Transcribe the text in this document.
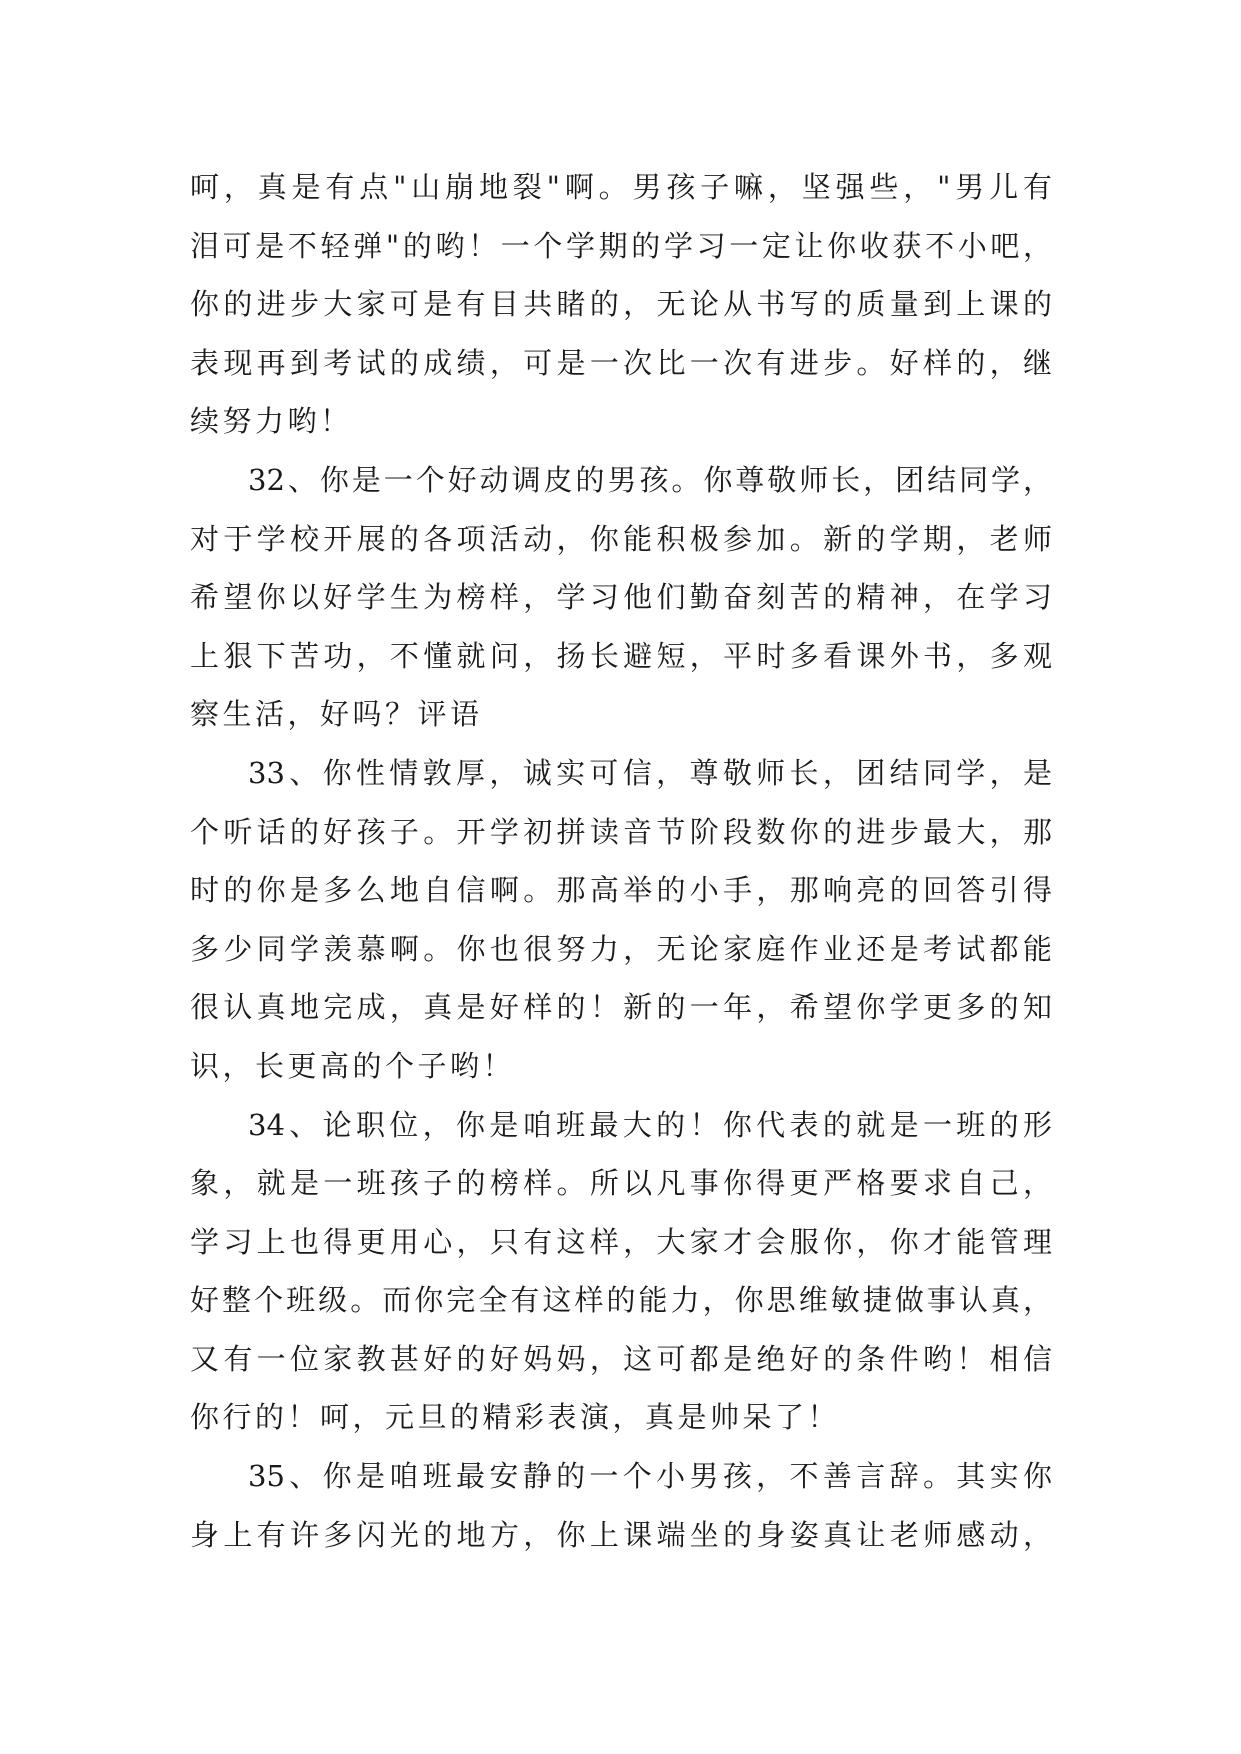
呵，真是有点"山崩地裂"啊。男孩子嘛，坚强些，"男儿有
泪可是不轻弹"的哟！一个学期的学习一定让你收获不小吧，
你的进步大家可是有目共睹的，无论从书写的质量到上课的
表现再到考试的成绩，可是一次比一次有进步。好样的，继
续努力哟！
32、你是一个好动调皮的男孩。你尊敬师长，团结同学，
对于学校开展的各项活动，你能积极参加。新的学期，老师
希望你以好学生为榜样，学习他们勤奋刻苦的精神，在学习
上狠下苦功，不懂就问，扬长避短，平时多看课外书，多观
察生活，好吗？评语
33、你性情敦厚，诚实可信，尊敬师长，团结同学，是
个听话的好孩子。开学初拼读音节阶段数你的进步最大，那
时的你是多么地自信啊。那高举的小手，那响亮的回答引得
多少同学羡慕啊。你也很努力，无论家庭作业还是考试都能
很认真地完成，真是好样的！新的一年，希望你学更多的知
识，长更高的个子哟！
34、论职位，你是咱班最大的！你代表的就是一班的形
象，就是一班孩子的榜样。所以凡事你得更严格要求自己，
学习上也得更用心，只有这样，大家才会服你，你才能管理
好整个班级。而你完全有这样的能力，你思维敏捷做事认真，
又有一位家教甚好的好妈妈，这可都是绝好的条件哟！相信
你行的！呵，元旦的精彩表演，真是帅呆了！
35、你是咱班最安静的一个小男孩，不善言辞。其实你
身上有许多闪光的地方，你上课端坐的身姿真让老师感动，
